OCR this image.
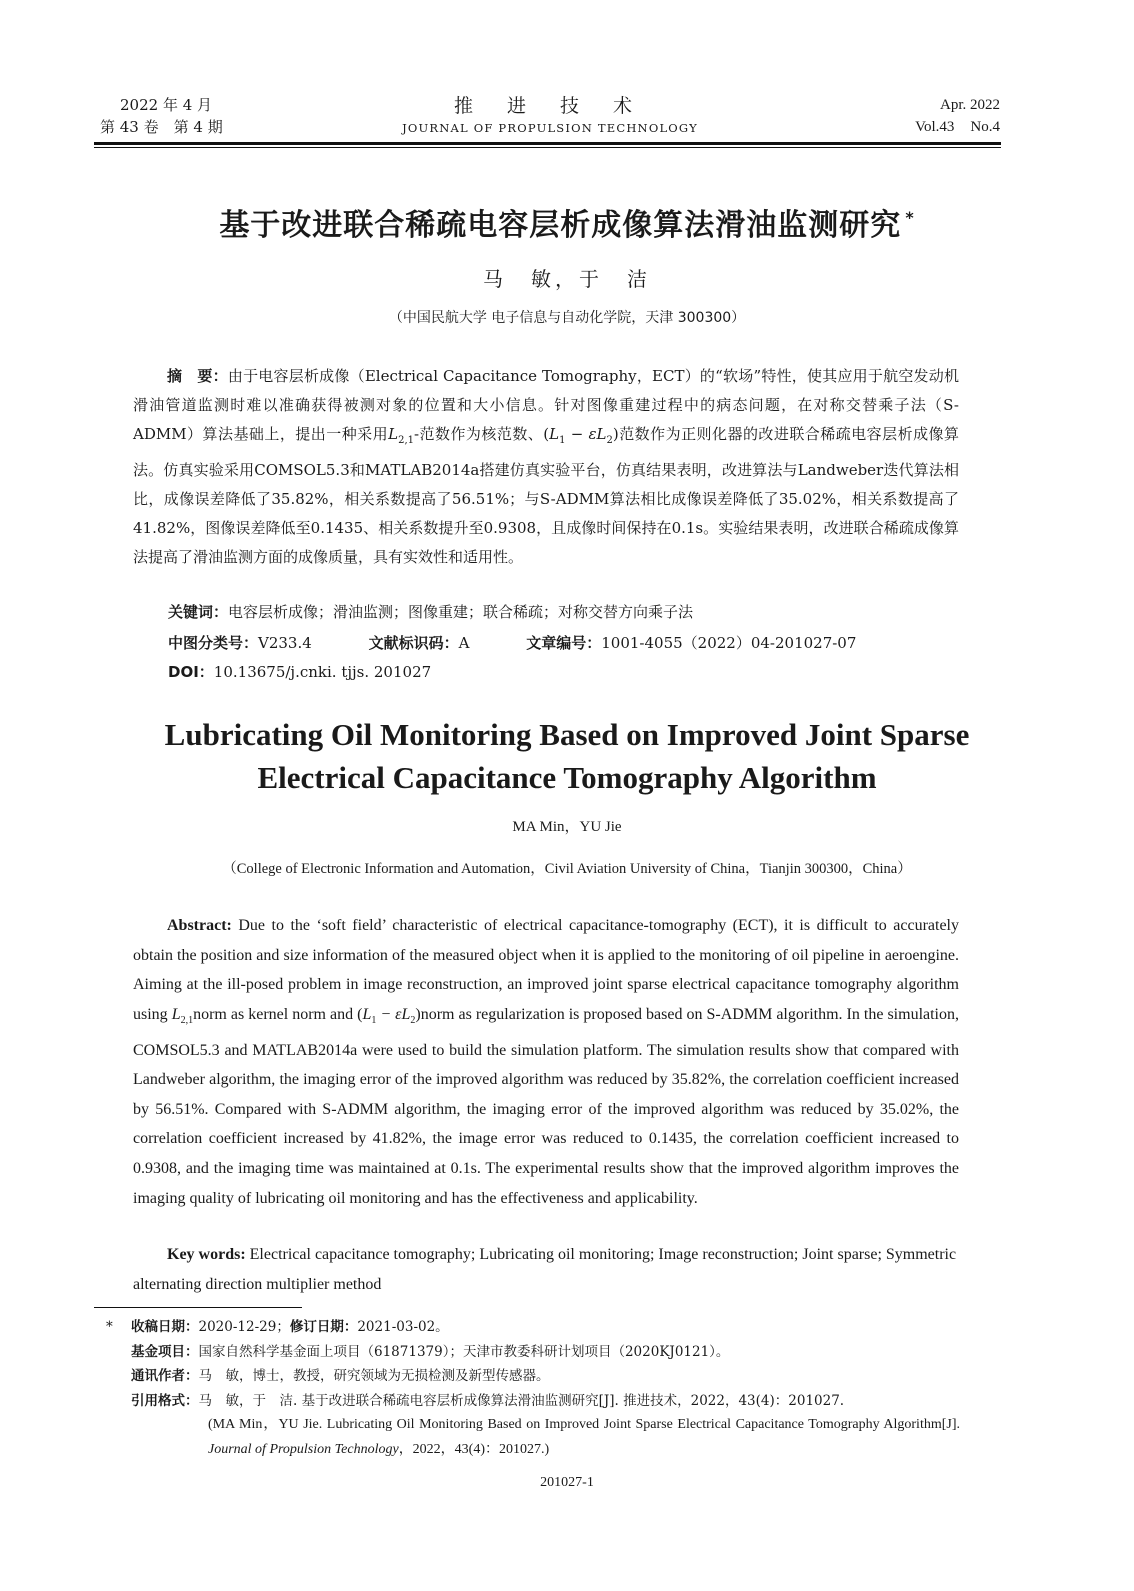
2022 年 4 月
第 43 卷　第 4 期
推 进 技 术
JOURNAL OF PROPULSION TECHNOLOGY
Apr. 2022
Vol.43 No.4
基于改进联合稀疏电容层析成像算法滑油监测研究 *
马　敏，于　洁
（中国民航大学 电子信息与自动化学院，天津 300300）
摘　要：由于电容层析成像（Electrical Capacitance Tomography，ECT）的“软场”特性，使其应用于航空发动机滑油管道监测时难以准确获得被测对象的位置和大小信息。针对图像重建过程中的病态问题，在对称交替乘子法（S-ADMM）算法基础上，提出一种采用$L_{2,1}-$范数作为核范数、$(L_1 - \varepsilon L_2)$范数作为正则化器的改进联合稀疏电容层析成像算法。仿真实验采用COMSOL5.3和MATLAB2014a搭建仿真实验平台，仿真结果表明，改进算法与Landweber迭代算法相比，成像误差降低了35.82%，相关系数提高了56.51%；与S-ADMM算法相比成像误差降低了35.02%，相关系数提高了41.82%，图像误差降低至0.1435、相关系数提升至0.9308，且成像时间保持在0.1s。实验结果表明，改进联合稀疏成像算法提高了滑油监测方面的成像质量，具有实效性和适用性。
关键词：电容层析成像；滑油监测；图像重建；联合稀疏；对称交替方向乘子法
中图分类号：V233.4	文献标识码：A	文章编号：1001-4055（2022）04-201027-07
DOI：10.13675/j.cnki. tjjs. 201027
Lubricating Oil Monitoring Based on Improved Joint Sparse
Electrical Capacitance Tomography Algorithm
MA Min，YU Jie
（College of Electronic Information and Automation，Civil Aviation University of China，Tianjin 300300，China）
Abstract: Due to the ‘soft field’ characteristic of electrical capacitance-tomography (ECT), it is difficult to accurately obtain the position and size information of the measured object when it is applied to the monitoring of oil pipeline in aeroengine. Aiming at the ill-posed problem in image reconstruction, an improved joint sparse electrical capacitance tomography algorithm using $L_{2,1}norm$ as kernel norm and ($L_1$ − $\varepsilon L_2)norm$ as regularization is proposed based on S-ADMM algorithm. In the simulation, COMSOL5.3 and MATLAB2014a were used to build the simulation platform. The simulation results show that compared with Landweber algorithm, the imaging error of the improved algorithm was reduced by 35.82%, the correlation coefficient increased by 56.51%. Compared with S-ADMM algorithm, the imaging error of the improved algorithm was reduced by 35.02%, the correlation coefficient increased by 41.82%, the image error was reduced to 0.1435, the correlation coefficient increased to 0.9308, and the imaging time was maintained at 0.1s. The experimental results show that the improved algorithm improves the imaging quality of lubricating oil monitoring and has the effectiveness and applicability.
Key words: Electrical capacitance tomography; Lubricating oil monitoring; Image reconstruction; Joint sparse; Symmetric alternating direction multiplier method
* 收稿日期：2020-12-29；修订日期：2021-03-02。
基金项目：国家自然科学基金面上项目（61871379）；天津市教委科研计划项目（2020KJ0121）。
通讯作者：马　敏，博士，教授，研究领域为无损检测及新型传感器。
引用格式：马　敏，于　洁. 基于改进联合稀疏电容层析成像算法滑油监测研究[J]. 推进技术，2022，43(4)：201027.
(MA Min，YU Jie. Lubricating Oil Monitoring Based on Improved Joint Sparse Electrical Capacitance Tomography Algorithm[J]. Journal of Propulsion Technology，2022，43(4)：201027.)
201027-1
